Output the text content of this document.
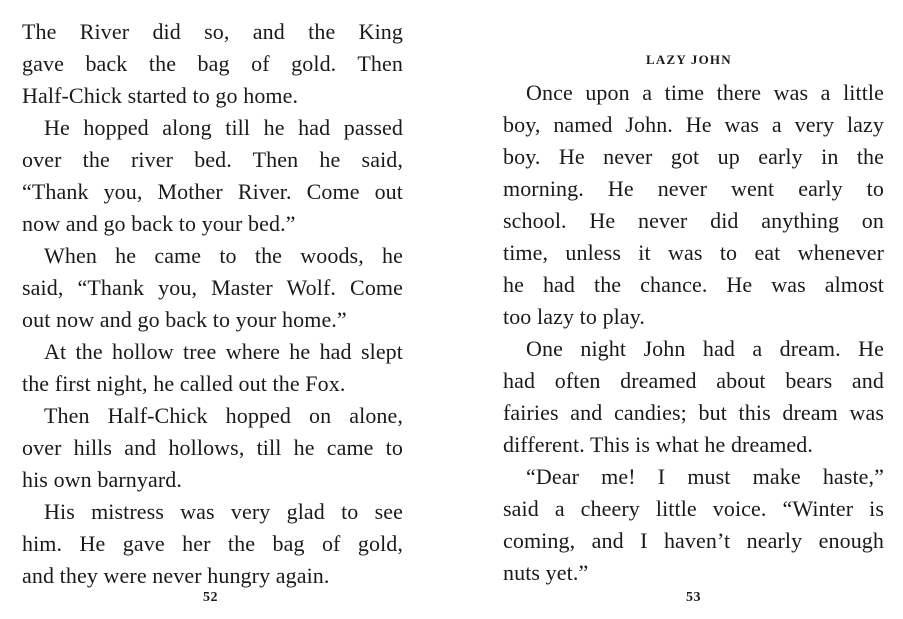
The River did so, and the King
gave back the bag of gold. Then
Half-Chick started to go home.
He hopped along till he had passed
over the river bed. Then he said,
“Thank you, Mother River. Come out
now and go back to your bed.”
When he came to the woods, he
said, “Thank you, Master Wolf. Come
out now and go back to your home.”
At the hollow tree where he had slept
the first night, he called out the Fox.
Then Half-Chick hopped on alone,
over hills and hollows, till he came to
his own barnyard.
His mistress was very glad to see
him. He gave her the bag of gold,
and they were never hungry again.
52
LAZY JOHN
Once upon a time there was a little
boy, named John. He was a very lazy
boy. He never got up early in the
morning. He never went early to
school. He never did anything on
time, unless it was to eat whenever
he had the chance. He was almost
too lazy to play.
One night John had a dream. He
had often dreamed about bears and
fairies and candies; but this dream was
different. This is what he dreamed.
“Dear me! I must make haste,”
said a cheery little voice. “Winter is
coming, and I haven’t nearly enough
nuts yet.”
53
